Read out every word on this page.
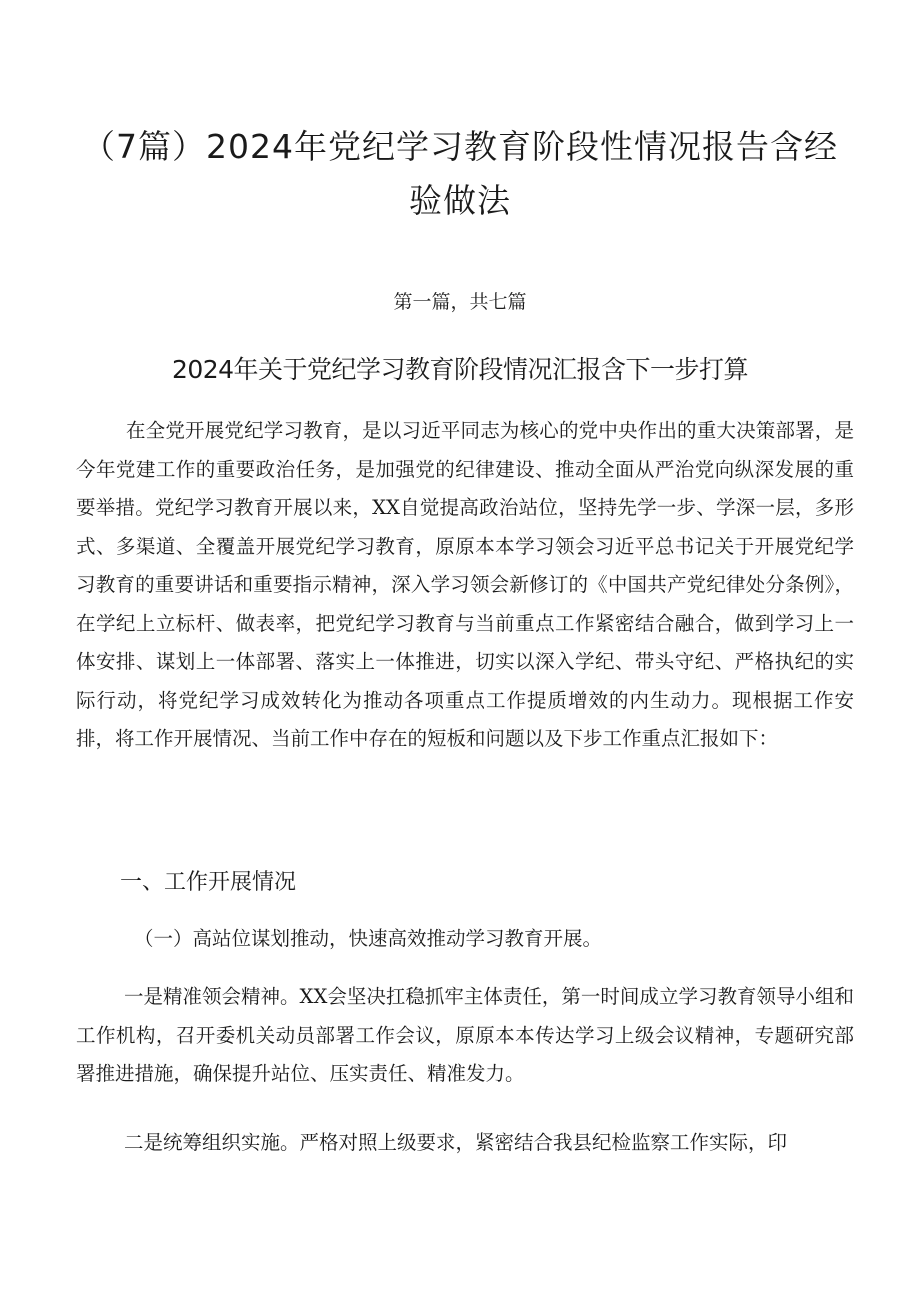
（7篇）2024年党纪学习教育阶段性情况报告含经验做法
第一篇，共七篇
2024年关于党纪学习教育阶段情况汇报含下一步打算

在全党开展党纪学习教育，是以习近平同志为核心的党中央作出的重大决策部署，是今年党建工作的重要政治任务，是加强党的纪律建设、推动全面从严治党向纵深发展的重要举措。党纪学习教育开展以来，XX自觉提高政治站位，坚持先学一步、学深一层，多形式、多渠道、全覆盖开展党纪学习教育，原原本本学习领会习近平总书记关于开展党纪学习教育的重要讲话和重要指示精神，深入学习领会新修订的《中国共产党纪律处分条例》，在学纪上立标杆、做表率，把党纪学习教育与当前重点工作紧密结合融合，做到学习上一体安排、谋划上一体部署、落实上一体推进，切实以深入学纪、带头守纪、严格执纪的实际行动，将党纪学习成效转化为推动各项重点工作提质增效的内生动力。现根据工作安排，将工作开展情况、当前工作中存在的短板和问题以及下步工作重点汇报如下：

一、工作开展情况
（一）高站位谋划推动，快速高效推动学习教育开展。

一是精准领会精神。XX会坚决扛稳抓牢主体责任，第一时间成立学习教育领导小组和工作机构，召开委机关动员部署工作会议，原原本本传达学习上级会议精神，专题研究部署推进措施，确保提升站位、压实责任、精准发力。

二是统筹组织实施。严格对照上级要求，紧密结合我县纪检监察工作实际，印
